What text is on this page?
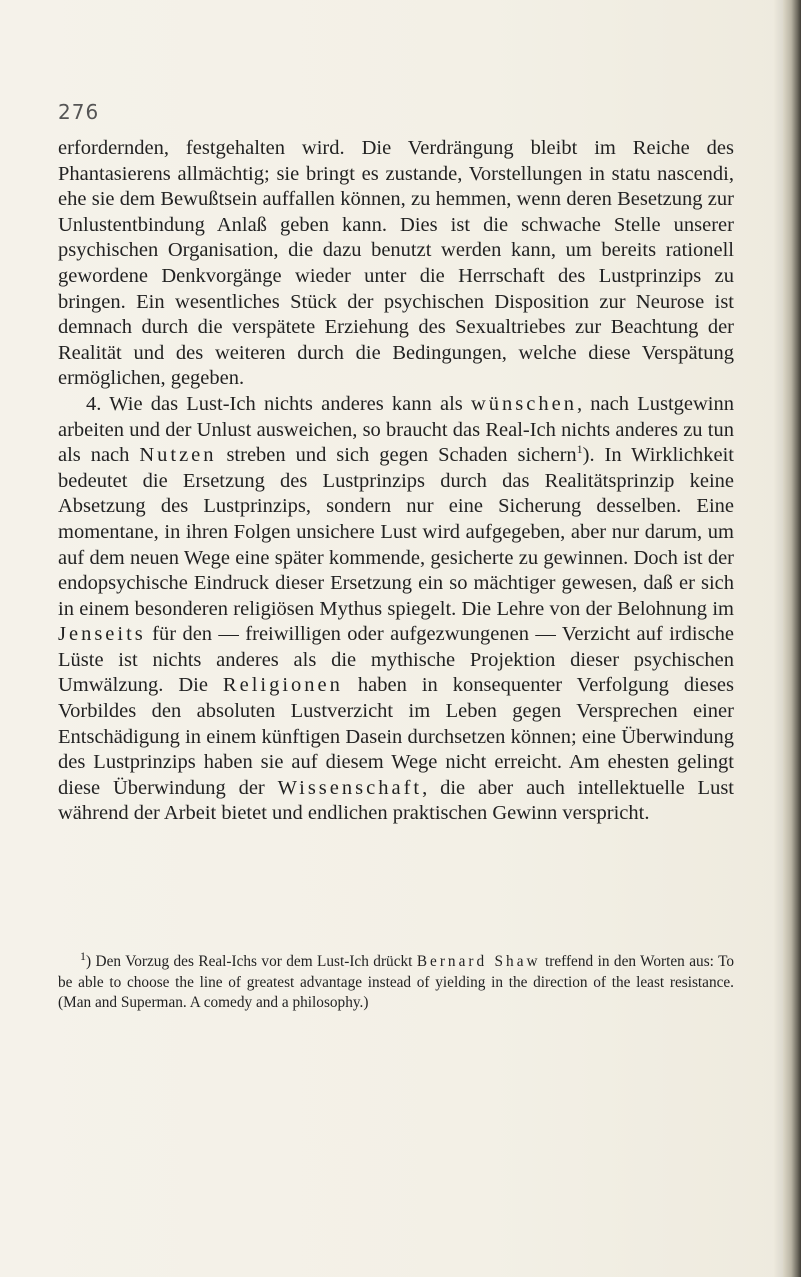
276

erfordernden, festgehalten wird. Die Verdrängung bleibt im Reiche des Phantasierens allmächtig; sie bringt es zustande, Vorstellungen in statu nascendi, ehe sie dem Bewußtsein auffallen können, zu hemmen, wenn deren Besetzung zur Unlustentbindung Anlaß geben kann. Dies ist die schwache Stelle unserer psychischen Organisation, die dazu benutzt werden kann, um bereits rationell gewordene Denkvorgänge wieder unter die Herrschaft des Lustprinzips zu bringen. Ein wesentliches Stück der psychischen Disposition zur Neurose ist demnach durch die verspätete Erziehung des Sexualtriebes zur Beachtung der Realität und des weiteren durch die Bedingungen, welche diese Verspätung ermöglichen, gegeben.

4. Wie das Lust-Ich nichts anderes kann als wünschen, nach Lustgewinn arbeiten und der Unlust ausweichen, so braucht das Real-Ich nichts anderes zu tun als nach Nutzen streben und sich gegen Schaden sichern$^1$). In Wirklichkeit bedeutet die Ersetzung des Lustprinzips durch das Realitätsprinzip keine Absetzung des Lustprinzips, sondern nur eine Sicherung desselben. Eine momentane, in ihren Folgen unsichere Lust wird aufgegeben, aber nur darum, um auf dem neuen Wege eine später kommende, gesicherte zu gewinnen. Doch ist der endopsychische Eindruck dieser Ersetzung ein so mächtiger gewesen, daß er sich in einem besonderen religiösen Mythus spiegelt. Die Lehre von der Belohnung im Jenseits für den — freiwilligen oder aufgezwungenen — Verzicht auf irdische Lüste ist nichts anderes als die mythische Projektion dieser psychischen Umwälzung. Die Religionen haben in konsequenter Verfolgung dieses Vorbildes den absoluten Lustverzicht im Leben gegen Versprechen einer Entschädigung in einem künftigen Dasein durchsetzen können; eine Überwindung des Lustprinzips haben sie auf diesem Wege nicht erreicht. Am ehesten gelingt diese Überwindung der Wissenschaft, die aber auch intellektuelle Lust während der Arbeit bietet und endlichen praktischen Gewinn verspricht.

$^1$) Den Vorzug des Real-Ichs vor dem Lust-Ich drückt Bernard Shaw treffend in den Worten aus: To be able to choose the line of greatest advantage instead of yielding in the direction of the least resistance. (Man and Superman. A comedy and a philosophy.)
